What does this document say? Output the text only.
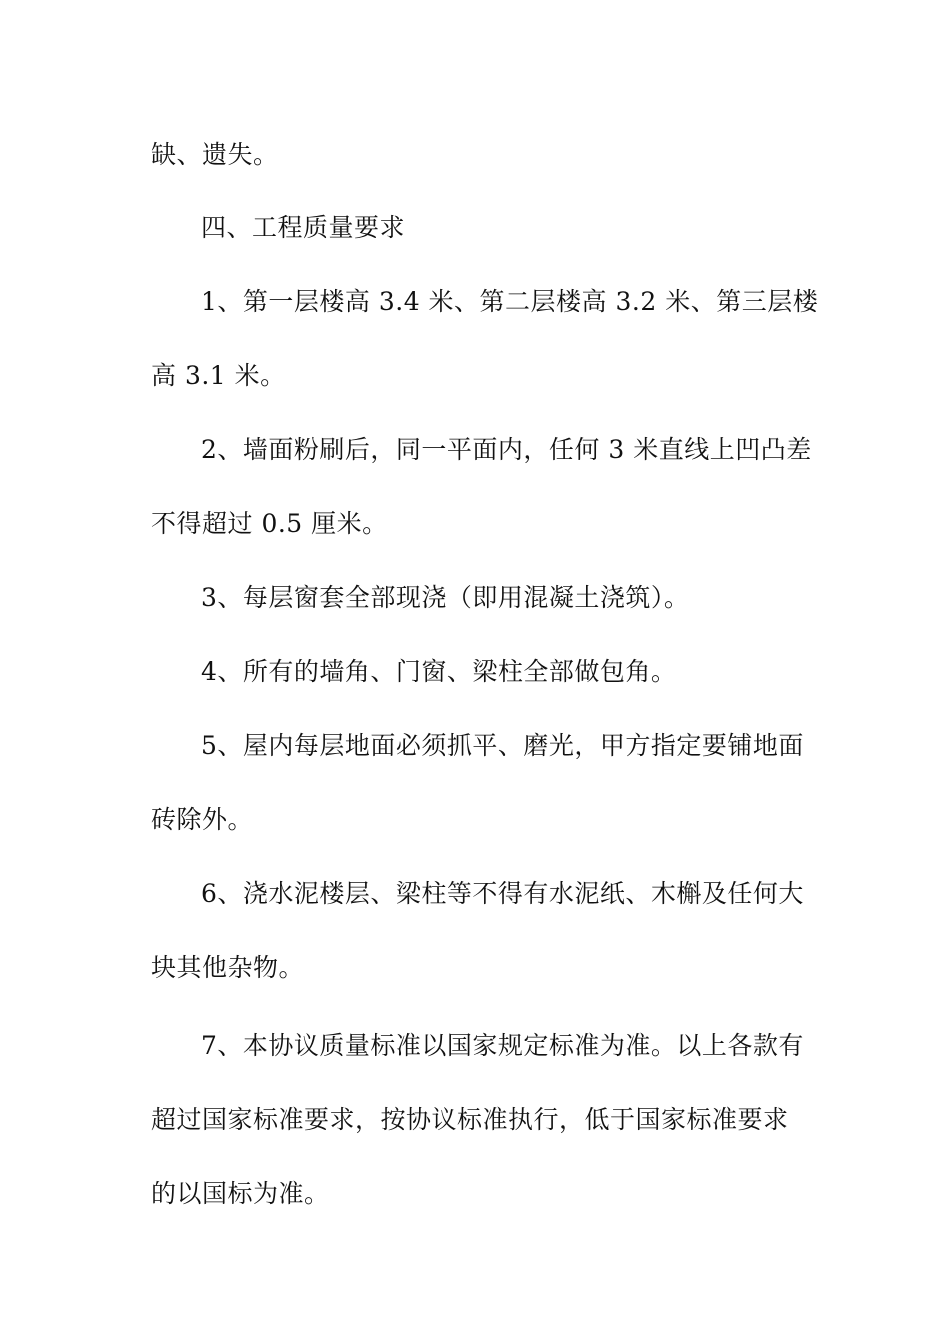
缺、遗失。
四、工程质量要求
1、第一层楼高 3.4 米、第二层楼高 3.2 米、第三层楼
高 3.1 米。
2、墙面粉刷后，同一平面内，任何 3 米直线上凹凸差
不得超过 0.5 厘米。
3、每层窗套全部现浇（即用混凝土浇筑）。
4、所有的墙角、门窗、梁柱全部做包角。
5、屋内每层地面必须抓平、磨光，甲方指定要铺地面
砖除外。
6、浇水泥楼层、梁柱等不得有水泥纸、木槲及任何大
块其他杂物。
7、本协议质量标准以国家规定标准为准。以上各款有
超过国家标准要求，按协议标准执行，低于国家标准要求
的以国标为准。
